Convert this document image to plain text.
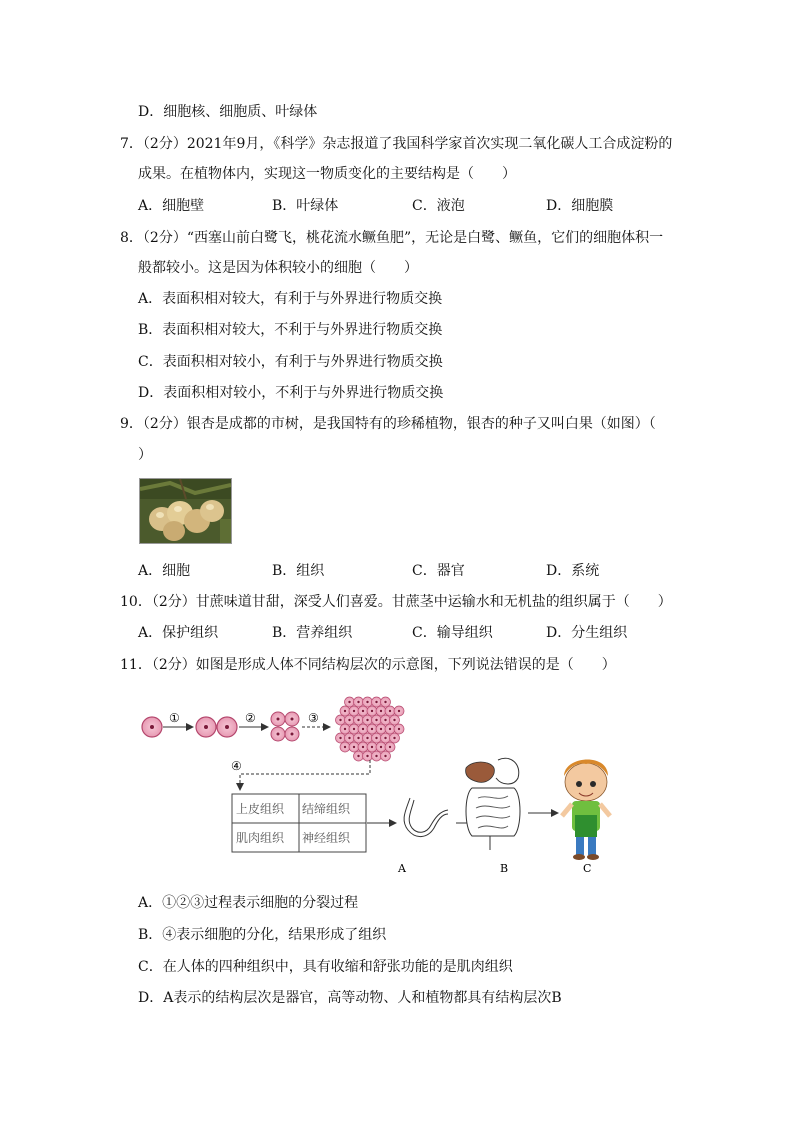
D．细胞核、细胞质、叶绿体
7．（2分）2021年9月，《科学》杂志报道了我国科学家首次实现二氧化碳人工合成淀粉的
成果。在植物体内，实现这一物质变化的主要结构是（　　）
A．细胞壁	B．叶绿体	C．液泡	D．细胞膜
8．（2分）“西塞山前白鹭飞，桃花流水鳜鱼肥”，无论是白鹭、鳜鱼，它们的细胞体积一
般都较小。这是因为体积较小的细胞（　　）
A．表面积相对较大，有利于与外界进行物质交换
B．表面积相对较大，不利于与外界进行物质交换
C．表面积相对较小，有利于与外界进行物质交换
D．表面积相对较小，不利于与外界进行物质交换
9．（2分）银杏是成都的市树，是我国特有的珍稀植物，银杏的种子又叫白果（如图）（
）
A．细胞	B．组织	C．器官	D．系统
10．（2分）甘蔗味道甘甜，深受人们喜爱。甘蔗茎中运输水和无机盐的组织属于（　　）
A．保护组织	B．营养组织	C．输导组织	D．分生组织
11．（2分）如图是形成人体不同结构层次的示意图，下列说法错误的是（　　）
①	②	③
④
上皮组织 结缔组织
肌肉组织 神经组织
A	B	C
A．①②③过程表示细胞的分裂过程
B．④表示细胞的分化，结果形成了组织
C．在人体的四种组织中，具有收缩和舒张功能的是肌肉组织
D．A表示的结构层次是器官，高等动物、人和植物都具有结构层次B
